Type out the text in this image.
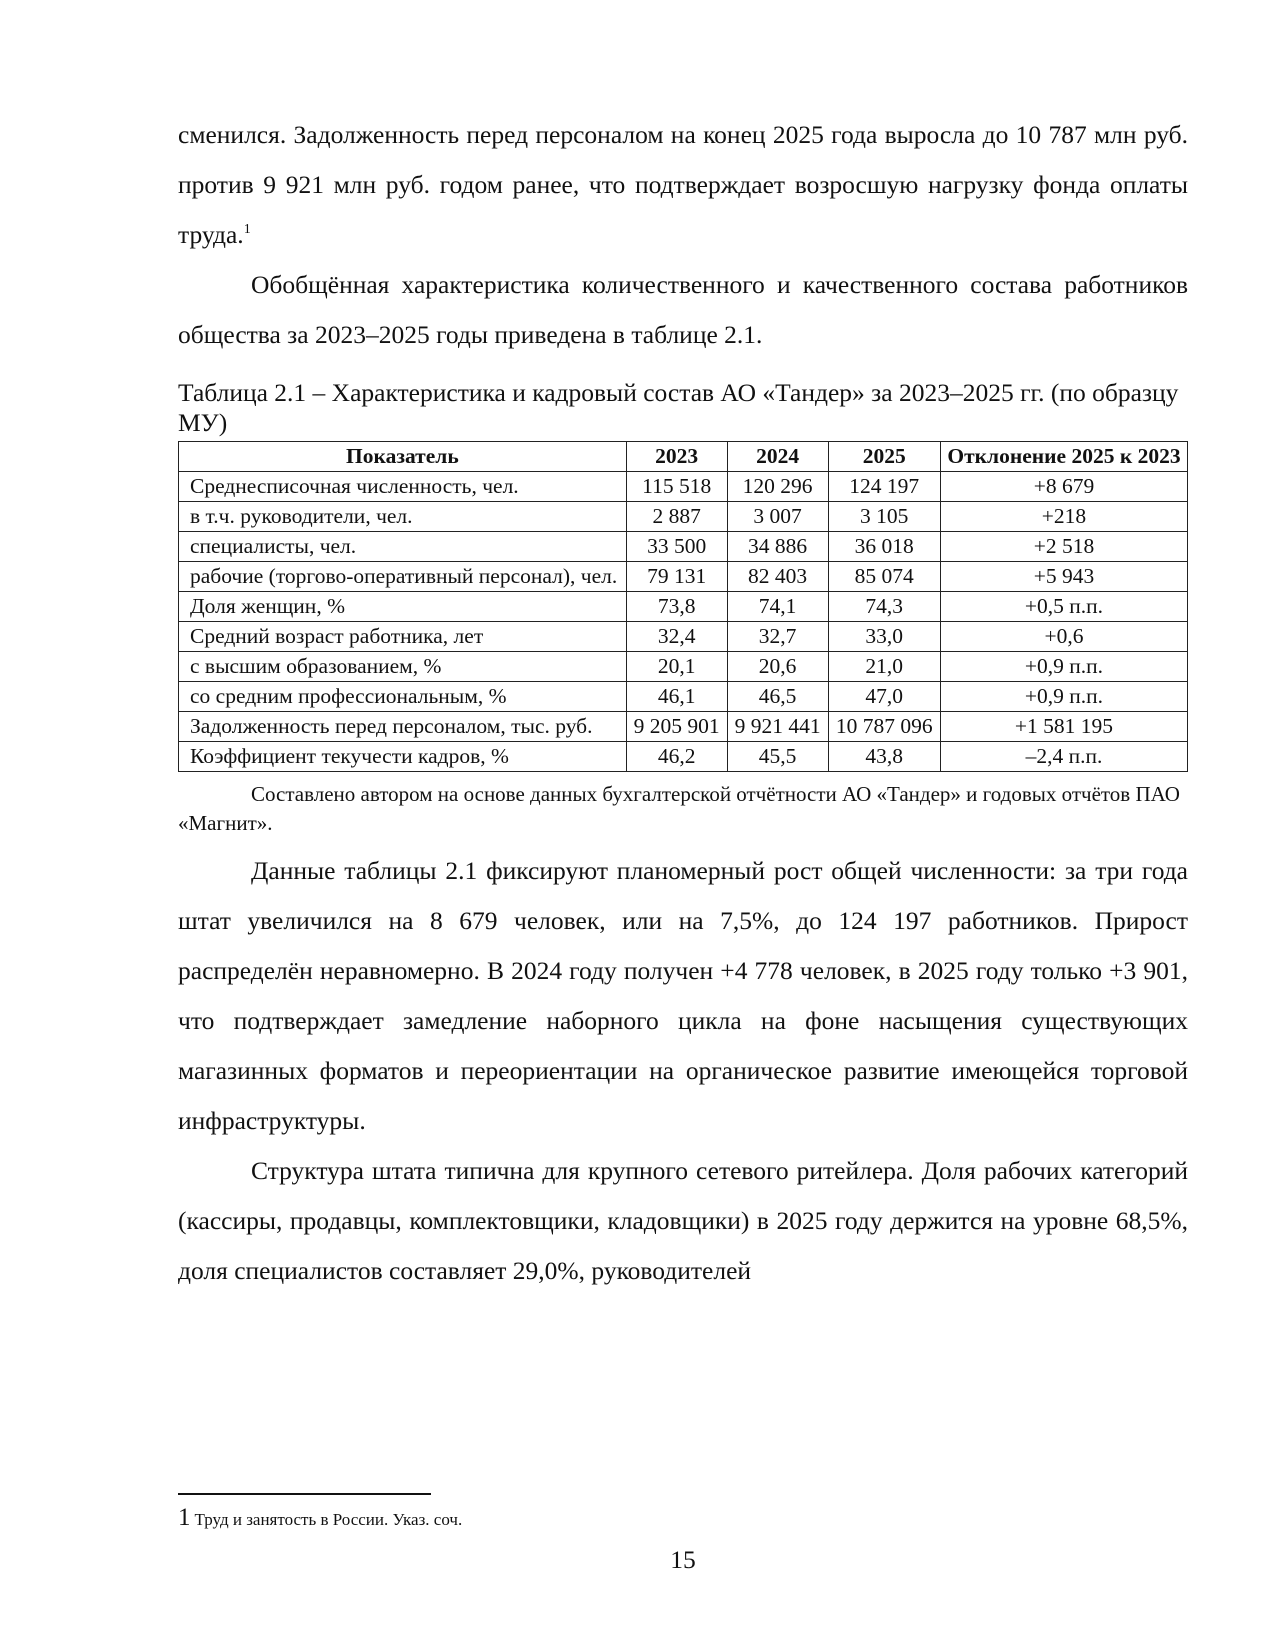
сменился. Задолженность перед персоналом на конец 2025 года выросла до 10 787 млн руб. против 9 921 млн руб. годом ранее, что подтверждает возросшую нагрузку фонда оплаты труда.$^1$

Обобщённая характеристика количественного и качественного состава работников общества за 2023–2025 годы приведена в таблице 2.1.

Таблица 2.1 – Характеристика и кадровый состав АО «Тандер» за 2023–2025 гг. (по образцу МУ)

Показатель	2023	2024	2025	Отклонение 2025 к 2023
Среднесписочная численность, чел.	115 518	120 296	124 197	+8 679
в т.ч. руководители, чел.	2 887	3 007	3 105	+218
специалисты, чел.	33 500	34 886	36 018	+2 518
рабочие (торгово-оперативный персонал), чел.	79 131	82 403	85 074	+5 943
Доля женщин, %	73,8	74,1	74,3	+0,5 п.п.
Средний возраст работника, лет	32,4	32,7	33,0	+0,6
с высшим образованием, %	20,1	20,6	21,0	+0,9 п.п.
со средним профессиональным, %	46,1	46,5	47,0	+0,9 п.п.
Задолженность перед персоналом, тыс. руб.	9 205 901	9 921 441	10 787 096	+1 581 195
Коэффициент текучести кадров, %	46,2	45,5	43,8	–2,4 п.п.

Составлено автором на основе данных бухгалтерской отчётности АО «Тандер» и годовых отчётов ПАО «Магнит».

Данные таблицы 2.1 фиксируют планомерный рост общей численности: за три года штат увеличился на 8 679 человек, или на 7,5%, до 124 197 работников. Прирост распределён неравномерно. В 2024 году получен +4 778 человек, в 2025 году только +3 901, что подтверждает замедление наборного цикла на фоне насыщения существующих магазинных форматов и переориентации на органическое развитие имеющейся торговой инфраструктуры.

Структура штата типична для крупного сетевого ритейлера. Доля рабочих категорий (кассиры, продавцы, комплектовщики, кладовщики) в 2025 году держится на уровне 68,5%, доля специалистов составляет 29,0%, руководителей

1 Труд и занятость в России. Указ. соч.
15
